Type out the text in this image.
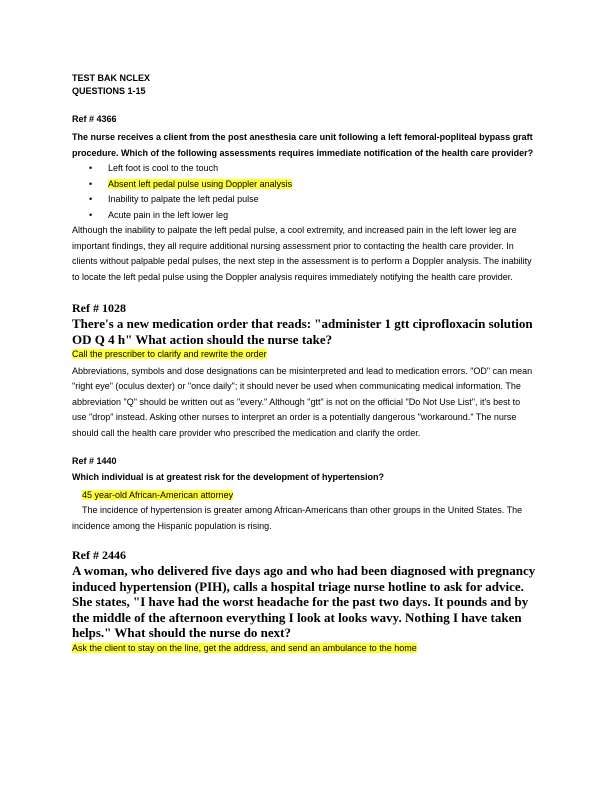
TEST BAK NCLEX
QUESTIONS 1-15
Ref # 4366
The nurse receives a client from the post anesthesia care unit following a left femoral-popliteal bypass graft procedure. Which of the following assessments requires immediate notification of the health care provider?
• Left foot is cool to the touch
• Absent left pedal pulse using Doppler analysis
• Inability to palpate the left pedal pulse
• Acute pain in the left lower leg
Although the inability to palpate the left pedal pulse, a cool extremity, and increased pain in the left lower leg are important findings, they all require additional nursing assessment prior to contacting the health care provider. In clients without palpable pedal pulses, the next step in the assessment is to perform a Doppler analysis. The inability to locate the left pedal pulse using the Doppler analysis requires immediately notifying the health care provider.
Ref # 1028
There's a new medication order that reads: "administer 1 gtt ciprofloxacin solution OD Q 4 h" What action should the nurse take?
Call the prescriber to clarify and rewrite the order
Abbreviations, symbols and dose designations can be misinterpreted and lead to medication errors. "OD" can mean "right eye" (oculus dexter) or "once daily"; it should never be used when communicating medical information. The abbreviation "Q" should be written out as "every." Although "gtt" is not on the official "Do Not Use List", it's best to use "drop" instead. Asking other nurses to interpret an order is a potentially dangerous "workaround." The nurse should call the health care provider who prescribed the medication and clarify the order.
Ref # 1440
Which individual is at greatest risk for the development of hypertension?
45 year-old African-American attorney
The incidence of hypertension is greater among African-Americans than other groups in the United States. The incidence among the Hispanic population is rising.
Ref # 2446
A woman, who delivered five days ago and who had been diagnosed with pregnancy induced hypertension (PIH), calls a hospital triage nurse hotline to ask for advice. She states, "I have had the worst headache for the past two days. It pounds and by the middle of the afternoon everything I look at looks wavy. Nothing I have taken helps." What should the nurse do next?
Ask the client to stay on the line, get the address, and send an ambulance to the home
